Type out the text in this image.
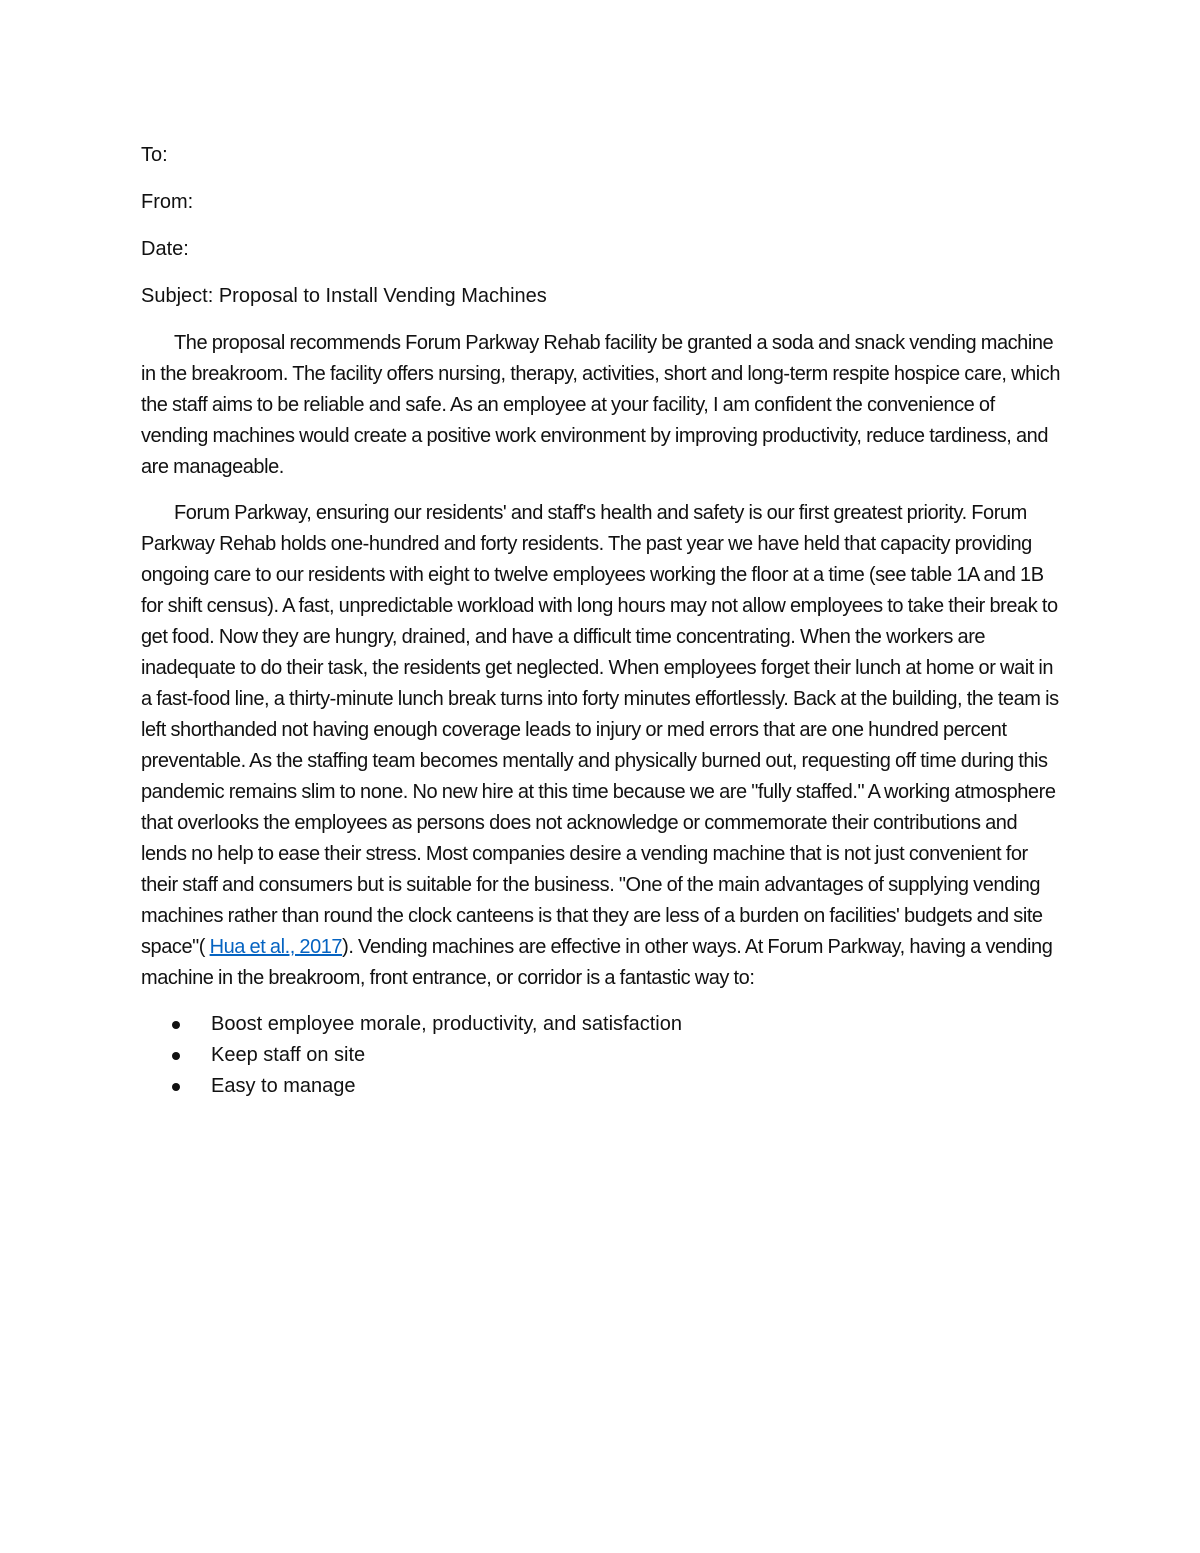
To:
From:
Date:
Subject: Proposal to Install Vending Machines

The proposal recommends Forum Parkway Rehab facility be granted a soda and snack vending machine in the breakroom. The facility offers nursing, therapy, activities, short and long-term respite hospice care, which the staff aims to be reliable and safe. As an employee at your facility, I am confident the convenience of vending machines would create a positive work environment by improving productivity, reduce tardiness, and are manageable.

Forum Parkway, ensuring our residents' and staff's health and safety is our first greatest priority. Forum Parkway Rehab holds one-hundred and forty residents. The past year we have held that capacity providing ongoing care to our residents with eight to twelve employees working the floor at a time (see table 1A and 1B for shift census). A fast, unpredictable workload with long hours may not allow employees to take their break to get food. Now they are hungry, drained, and have a difficult time concentrating. When the workers are inadequate to do their task, the residents get neglected. When employees forget their lunch at home or wait in a fast-food line, a thirty-minute lunch break turns into forty minutes effortlessly. Back at the building, the team is left shorthanded not having enough coverage leads to injury or med errors that are one hundred percent preventable. As the staffing team becomes mentally and physically burned out, requesting off time during this pandemic remains slim to none. No new hire at this time because we are "fully staffed." A working atmosphere that overlooks the employees as persons does not acknowledge or commemorate their contributions and lends no help to ease their stress. Most companies desire a vending machine that is not just convenient for their staff and consumers but is suitable for the business. "One of the main advantages of supplying vending machines rather than round the clock canteens is that they are less of a burden on facilities' budgets and site space"( Hua et al., 2017). Vending machines are effective in other ways. At Forum Parkway, having a vending machine in the breakroom, front entrance, or corridor is a fantastic way to:

Boost employee morale, productivity, and satisfaction
Keep staff on site
Easy to manage
